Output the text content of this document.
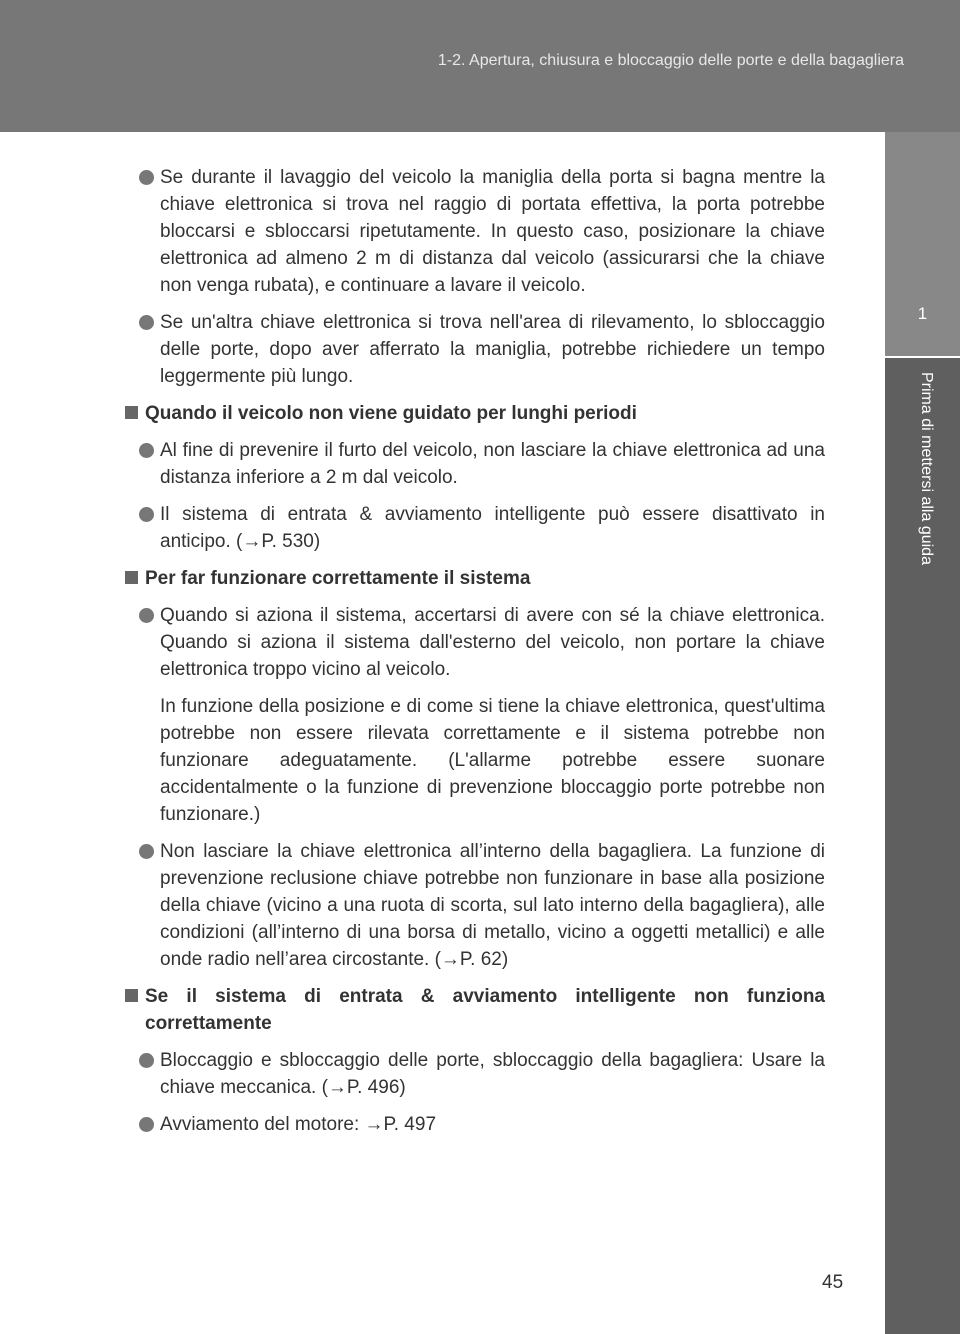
1-2. Apertura, chiusura e bloccaggio delle porte e della bagagliera
1
Prima di mettersi alla guida

Se durante il lavaggio del veicolo la maniglia della porta si bagna mentre la chiave elettronica si trova nel raggio di portata effettiva, la porta potrebbe bloccarsi e sbloccarsi ripetutamente. In questo caso, posizionare la chiave elettronica ad almeno 2 m di distanza dal veicolo (assicurarsi che la chiave non venga rubata), e continuare a lavare il veicolo.

Se un'altra chiave elettronica si trova nell'area di rilevamento, lo sbloccaggio delle porte, dopo aver afferrato la maniglia, potrebbe richiedere un tempo leggermente più lungo.

Quando il veicolo non viene guidato per lunghi periodi

Al fine di prevenire il furto del veicolo, non lasciare la chiave elettronica ad una distanza inferiore a 2 m dal veicolo.

Il sistema di entrata & avviamento intelligente può essere disattivato in anticipo. (→P. 530)

Per far funzionare correttamente il sistema

Quando si aziona il sistema, accertarsi di avere con sé la chiave elettronica. Quando si aziona il sistema dall'esterno del veicolo, non portare la chiave elettronica troppo vicino al veicolo.

In funzione della posizione e di come si tiene la chiave elettronica, quest'ultima potrebbe non essere rilevata correttamente e il sistema potrebbe non funzionare adeguatamente. (L'allarme potrebbe essere suonare accidentalmente o la funzione di prevenzione bloccaggio porte potrebbe non funzionare.)

Non lasciare la chiave elettronica all’interno della bagagliera. La funzione di prevenzione reclusione chiave potrebbe non funzionare in base alla posizione della chiave (vicino a una ruota di scorta, sul lato interno della bagagliera), alle condizioni (all’interno di una borsa di metallo, vicino a oggetti metallici) e alle onde radio nell’area circostante. (→P. 62)

Se il sistema di entrata & avviamento intelligente non funziona correttamente

Bloccaggio e sbloccaggio delle porte, sbloccaggio della bagagliera: Usare la chiave meccanica. (→P. 496)

Avviamento del motore: →P. 497

45
